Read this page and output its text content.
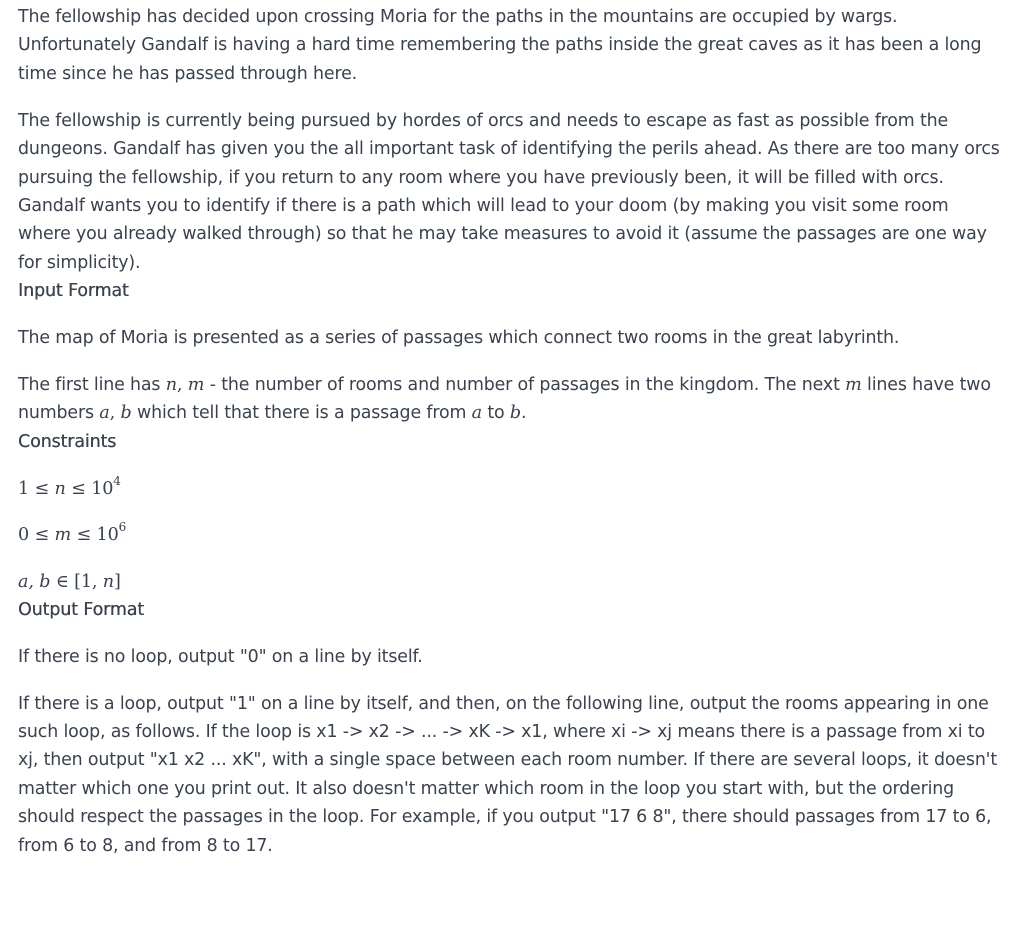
The fellowship has decided upon crossing Moria for the paths in the mountains are occupied by wargs. Unfortunately Gandalf is having a hard time remembering the paths inside the great caves as it has been a long time since he has passed through here.

The fellowship is currently being pursued by hordes of orcs and needs to escape as fast as possible from the dungeons. Gandalf has given you the all important task of identifying the perils ahead. As there are too many orcs pursuing the fellowship, if you return to any room where you have previously been, it will be filled with orcs. Gandalf wants you to identify if there is a path which will lead to your doom (by making you visit some room where you already walked through) so that he may take measures to avoid it (assume the passages are one way for simplicity).

Input Format

The map of Moria is presented as a series of passages which connect two rooms in the great labyrinth.

The first line has n, m - the number of rooms and number of passages in the kingdom. The next m lines have two numbers a, b which tell that there is a passage from a to b.

Constraints

$1 \le n \le 10^4$

$0 \le m \le 10^6$

a, b ∈ [1, n]

Output Format

If there is no loop, output "0" on a line by itself.

If there is a loop, output "1" on a line by itself, and then, on the following line, output the rooms appearing in one such loop, as follows. If the loop is x1 -> x2 -> ... -> xK -> x1, where xi -> xj means there is a passage from xi to xj, then output "x1 x2 ... xK", with a single space between each room number. If there are several loops, it doesn't matter which one you print out. It also doesn't matter which room in the loop you start with, but the ordering should respect the passages in the loop. For example, if you output "17 6 8", there should passages from 17 to 6, from 6 to 8, and from 8 to 17.
